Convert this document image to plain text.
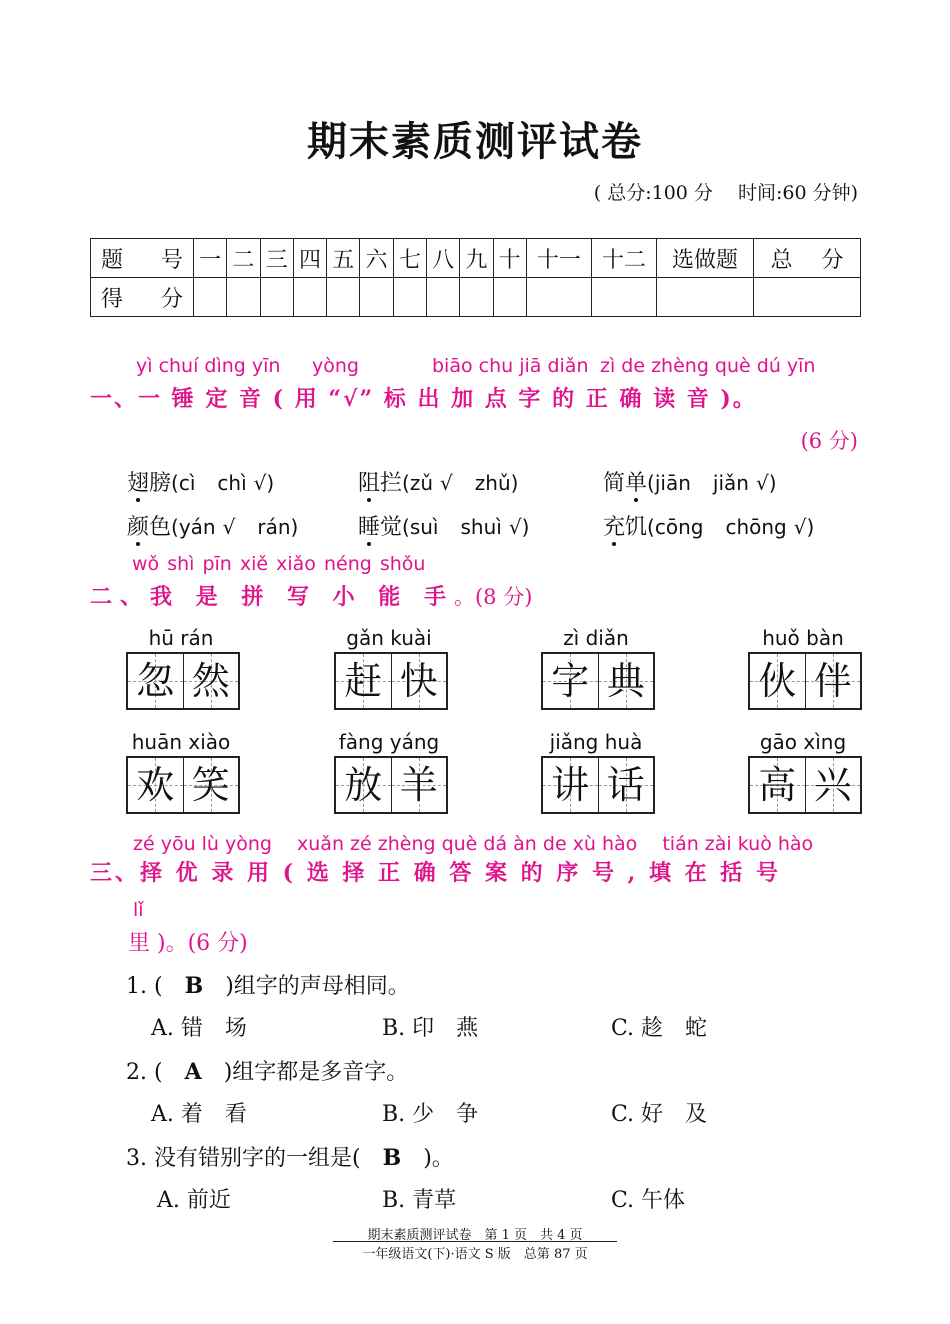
期末素质测评试卷
( 总分:100 分　 时间:60 分钟)
题　 号	一	二	三	四	五	六	七	八	九	十	十一	十二	选做题	总　 分
得　 分														
yì chuí dìng yīn yòng	biāo chu jiā diǎn zì de zhèng què dú yīn
一、一 锤 定 音 ( 用 “√” 标 出 加 点 字 的 正 确 读 音 )。
(6 分)
翅膀(cì　 chì √)	阻拦(zǔ √　 zhǔ)	简单(jiān　 jiǎn √)
颜色(yán √　 rán)	睡觉(suì　 shuì √)	充饥(cōng　 chōng √)
wǒ shì pīn xiě xiǎo néng shǒu
二、我 是 拼 写 小 能 手。(8 分)
hū rán
忽 然
gǎn kuài
赶 快
zì diǎn
字 典
huǒ bàn
伙 伴
huān xiào
欢 笑
fàng yáng
放 羊
jiǎng huà
讲 话
gāo xìng
高 兴
zé yōu lù yòng　 xuǎn zé zhèng què dá àn de xù hào　 tián zài kuò hào
三、择 优 录 用 ( 选 择 正 确 答 案 的 序 号 , 填 在 括 号
lǐ
里 )。(6 分)
1. (　 B　 )组字的声母相同。
A. 错　场	B. 印　燕	C. 趁　蛇
2. (　 A　 )组字都是多音字。
A. 着　看	B. 少　争	C. 好　及
3. 没有错别字的一组是(　 B　 )。
A. 前近	B. 青草	C. 午体
期末素质测评试卷　第 1 页　共 4 页
一年级语文(下)·语文 S 版　总第 87 页
